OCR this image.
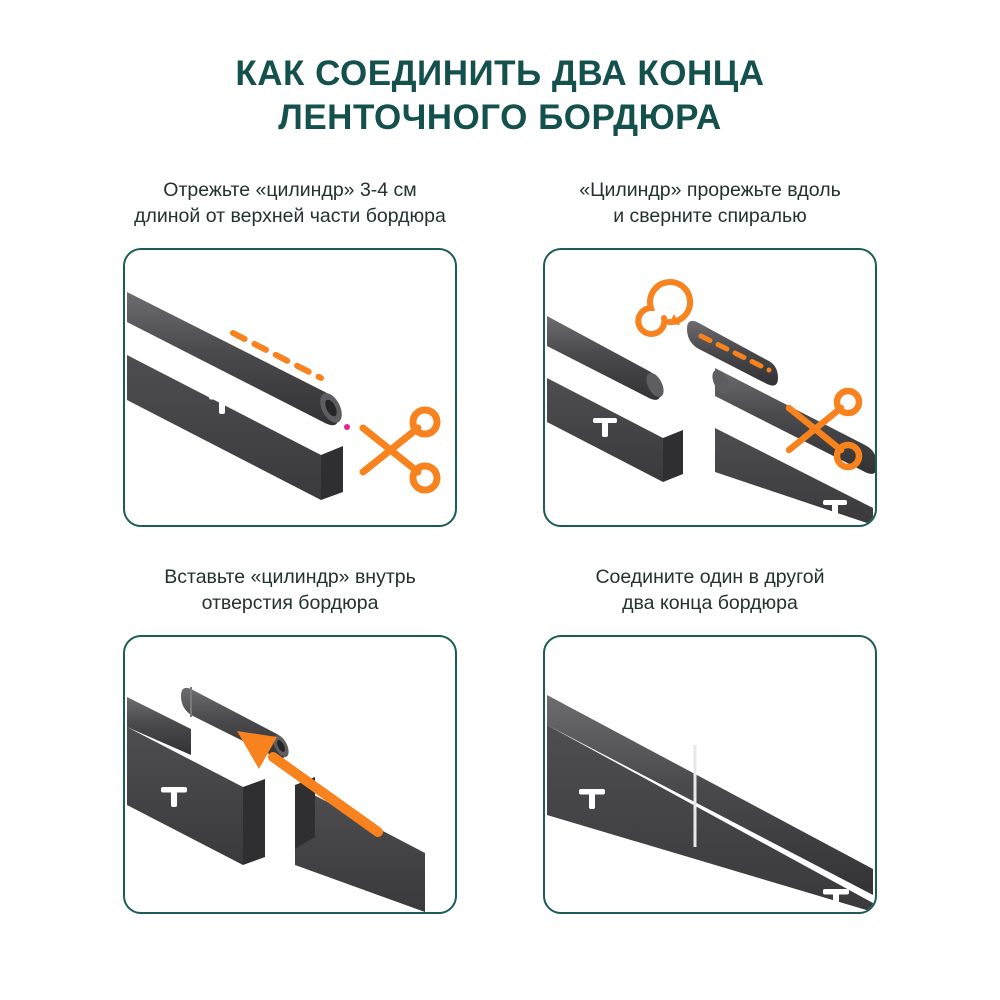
КАК СОЕДИНИТЬ ДВА КОНЦА
ЛЕНТОЧНОГО БОРДЮРА
Отрежьте «цилиндр» 3-4 см
длиной от верхней части бордюра
«Цилиндр» прорежьте вдоль
и сверните спиралью
Вставьте «цилиндр» внутрь
отверстия бордюра
Соедините один в другой
два конца бордюра
